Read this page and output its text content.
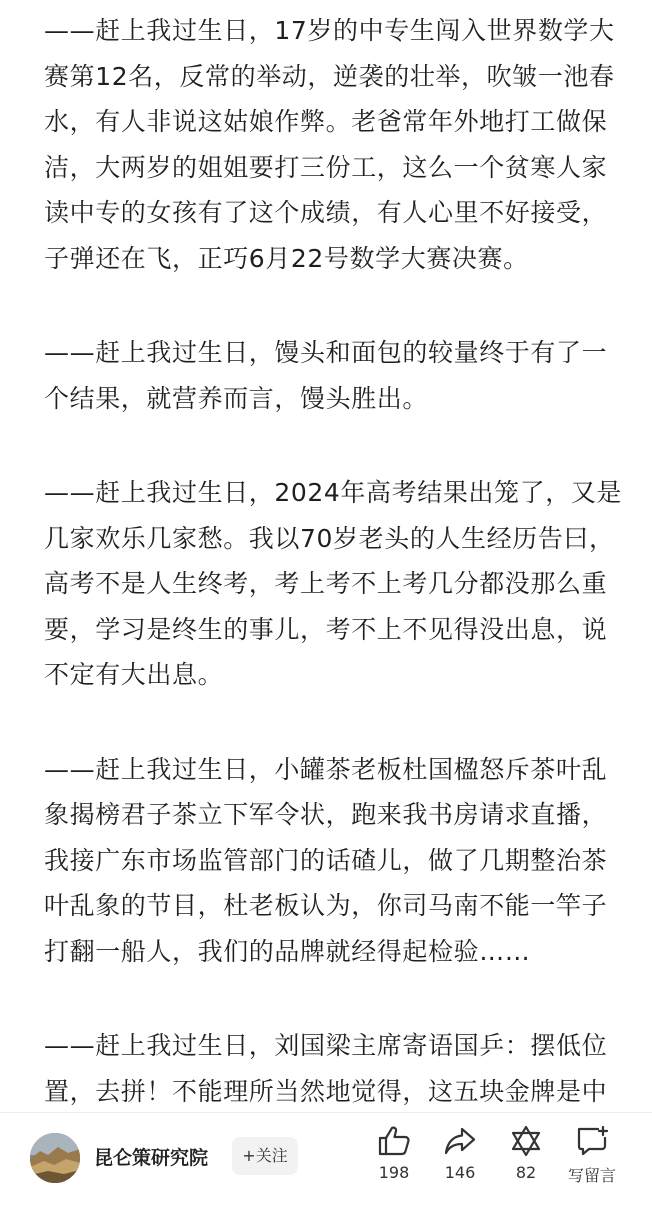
——赶上我过生日，17岁的中专生闯入世界数学大赛第12名，反常的举动，逆袭的壮举，吹皱一池春水，有人非说这姑娘作弊。老爸常年外地打工做保洁，大两岁的姐姐要打三份工，这么一个贫寒人家读中专的女孩有了这个成绩，有人心里不好接受，子弹还在飞，正巧6月22号数学大赛决赛。

——赶上我过生日，馒头和面包的较量终于有了一个结果，就营养而言，馒头胜出。

——赶上我过生日，2024年高考结果出笼了，又是几家欢乐几家愁。我以70岁老头的人生经历告曰，高考不是人生终考，考上考不上考几分都没那么重要，学习是终生的事儿，考不上不见得没出息，说不定有大出息。

——赶上我过生日，小罐茶老板杜国楹怒斥茶叶乱象揭榜君子茶立下军令状，跑来我书房请求直播，我接广东市场监管部门的话碴儿，做了几期整治茶叶乱象的节目，杜老板认为，你司马南不能一竿子打翻一船人，我们的品牌就经得起检验……

——赶上我过生日，刘国梁主席寄语国乒：摆低位置，去拼！不能理所当然地觉得，这五块金牌是中

昆仑策研究院	+关注
198	146	82	写留言
